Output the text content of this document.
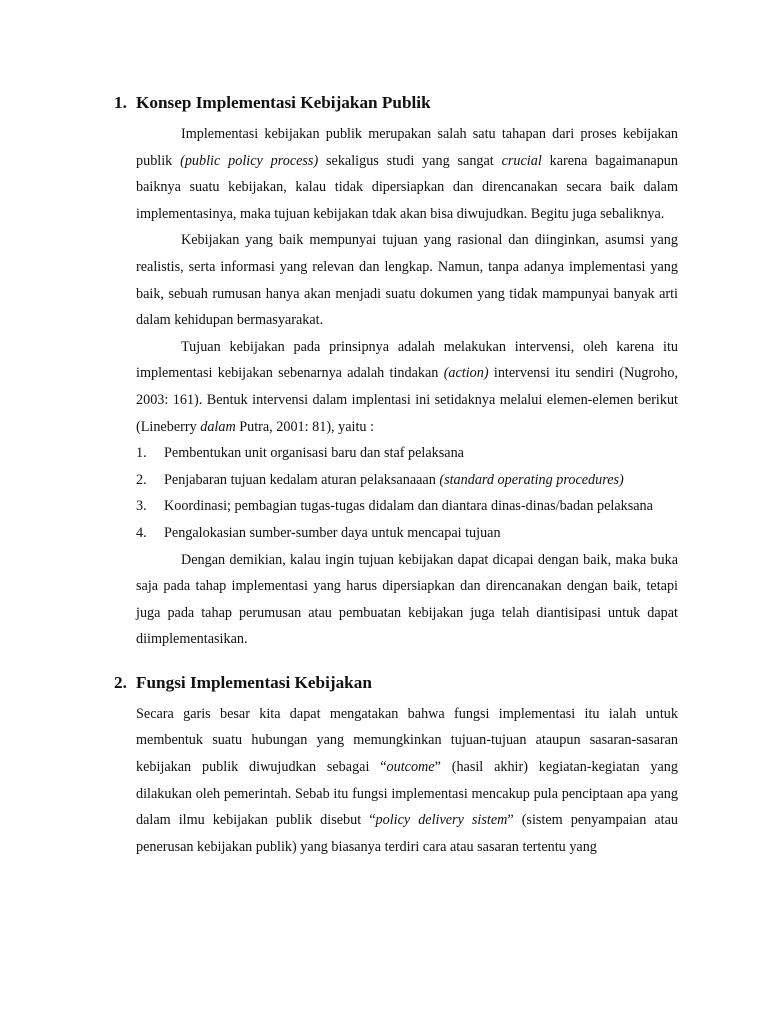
1. Konsep Implementasi Kebijakan Publik

Implementasi kebijakan publik merupakan salah satu tahapan dari proses kebijakan publik (public policy process) sekaligus studi yang sangat crucial karena bagaimanapun baiknya suatu kebijakan, kalau tidak dipersiapkan dan direncanakan secara baik dalam implementasinya, maka tujuan kebijakan tdak akan bisa diwujudkan. Begitu juga sebaliknya.

Kebijakan yang baik mempunyai tujuan yang rasional dan diinginkan, asumsi yang realistis, serta informasi yang relevan dan lengkap. Namun, tanpa adanya implementasi yang baik, sebuah rumusan hanya akan menjadi suatu dokumen yang tidak mampunyai banyak arti dalam kehidupan bermasyarakat.

Tujuan kebijakan pada prinsipnya adalah melakukan intervensi, oleh karena itu implementasi kebijakan sebenarnya adalah tindakan (action) intervensi itu sendiri (Nugroho, 2003: 161). Bentuk intervensi dalam implentasi ini setidaknya melalui elemen-elemen berikut (Lineberry dalam Putra, 2001: 81), yaitu :

1. Pembentukan unit organisasi baru dan staf pelaksana
2. Penjabaran tujuan kedalam aturan pelaksanaaan (standard operating procedures)
3. Koordinasi; pembagian tugas-tugas didalam dan diantara dinas-dinas/badan pelaksana
4. Pengalokasian sumber-sumber daya untuk mencapai tujuan

Dengan demikian, kalau ingin tujuan kebijakan dapat dicapai dengan baik, maka buka saja pada tahap implementasi yang harus dipersiapkan dan direncanakan dengan baik, tetapi juga pada tahap perumusan atau pembuatan kebijakan juga telah diantisipasi untuk dapat diimplementasikan.

2. Fungsi Implementasi Kebijakan

Secara garis besar kita dapat mengatakan bahwa fungsi implementasi itu ialah untuk membentuk suatu hubungan yang memungkinkan tujuan-tujuan ataupun sasaran-sasaran kebijakan publik diwujudkan sebagai “outcome” (hasil akhir) kegiatan-kegiatan yang dilakukan oleh pemerintah. Sebab itu fungsi implementasi mencakup pula penciptaan apa yang dalam ilmu kebijakan publik disebut “policy delivery sistem” (sistem penyampaian atau penerusan kebijakan publik) yang biasanya terdiri cara atau sasaran tertentu yang
